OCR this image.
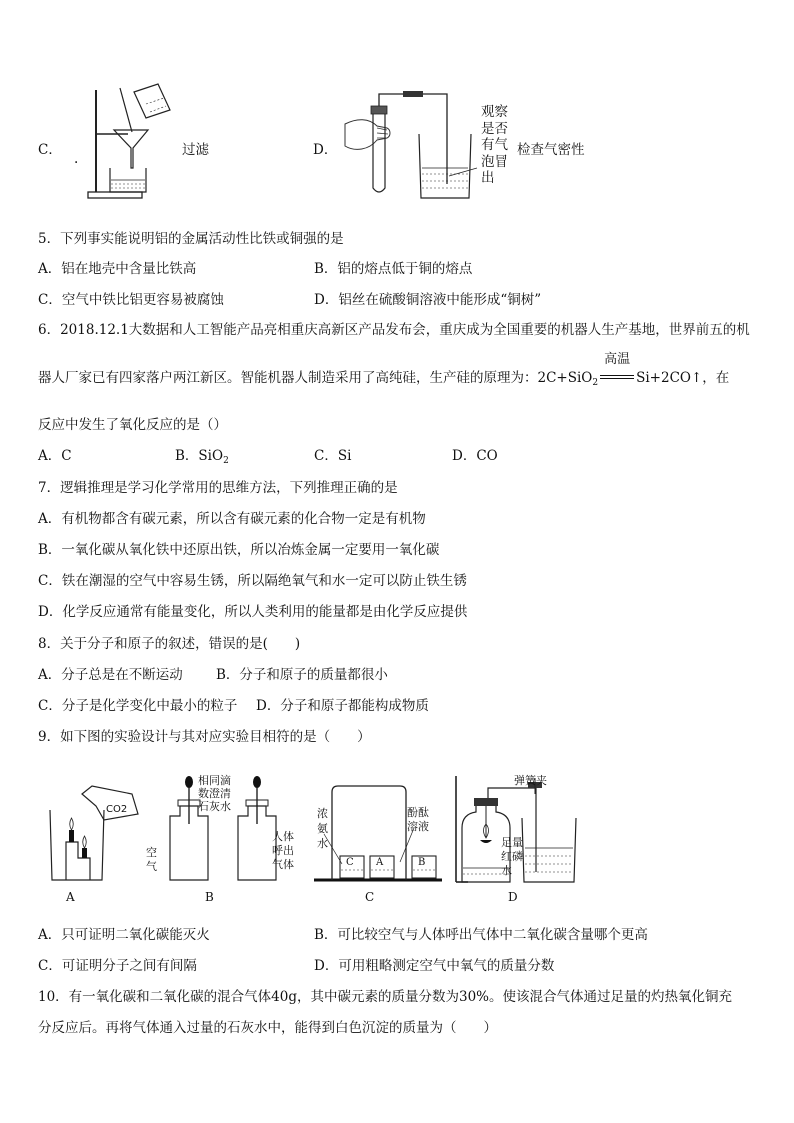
C．
.
过滤	D．
观察
是否
有气
泡冒
出
检查气密性
5．下列事实能说明铝的金属活动性比铁或铜强的是
A．铝在地壳中含量比铁高	B．铝的熔点低于铜的熔点
C．空气中铁比铝更容易被腐蚀	D．铝丝在硫酸铜溶液中能形成“铜树”
6．2018.12.1大数据和人工智能产品亮相重庆高新区产品发布会，重庆成为全国重要的机器人生产基地，世界前五的机
器人厂家已有四家落户两江新区。智能机器人制造采用了高纯硅，生产硅的原理为：2C+SiO$_2$
高温
Si+2CO↑，在
反应中发生了氧化反应的是（）
A．C	B．SiO$_2$	C．Si	D．CO
7．逻辑推理是学习化学常用的思维方法，下列推理正确的是
A．有机物都含有碳元素，所以含有碳元素的化合物一定是有机物
B．一氧化碳从氧化铁中还原出铁，所以冶炼金属一定要用一氧化碳
C．铁在潮湿的空气中容易生锈，所以隔绝氧气和水一定可以防止铁生锈
D．化学反应通常有能量变化，所以人类利用的能量都是由化学反应提供
8．关于分子和原子的叙述，错误的是(　　)
A．分子总是在不断运动 B．分子和原子的质量都很小
C．分子是化学变化中最小的粒子 D．分子和原子都能构成物质
9．如下图的实验设计与其对应实验目相符的是（　　）
CO2
A
相同滴
数澄清
石灰水
空
气
人体
呼出
气体
B
C A	B
浓
氨
水
酚酞
溶液
C
弹簧夹
足量
红磷
水
D
A．只可证明二氧化碳能灭火	B．可比较空气与人体呼出气体中二氧化碳含量哪个更高
C．可证明分子之间有间隔	D．可用粗略测定空气中氧气的质量分数
10．有一氧化碳和二氧化碳的混合气体40g，其中碳元素的质量分数为30%。使该混合气体通过足量的灼热氧化铜充
分反应后。再将气体通入过量的石灰水中，能得到白色沉淀的质量为（　　）
